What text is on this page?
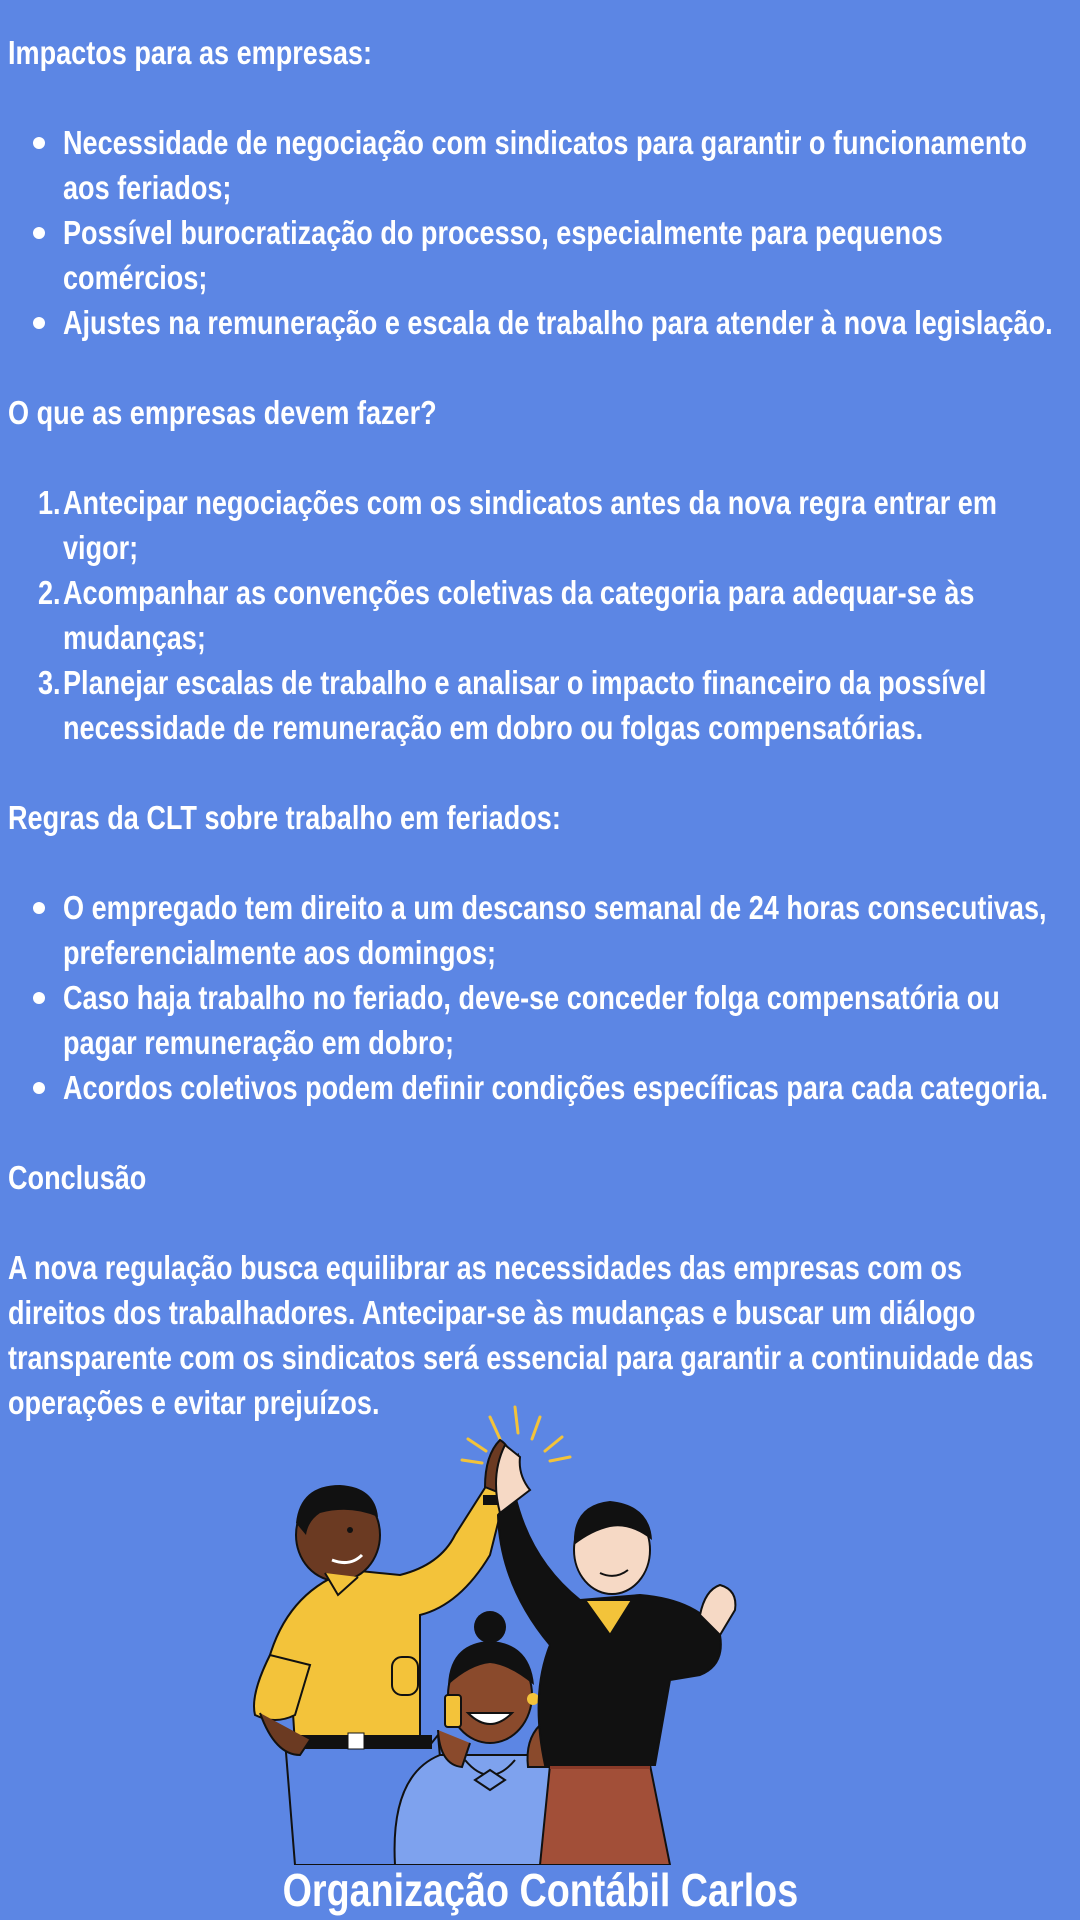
Impactos para as empresas:

Necessidade de negociação com sindicatos para garantir o funcionamento aos feriados;
Possível burocratização do processo, especialmente para pequenos comércios;
Ajustes na remuneração e escala de trabalho para atender à nova legislação.

O que as empresas devem fazer?

1. Antecipar negociações com os sindicatos antes da nova regra entrar em vigor;
2. Acompanhar as convenções coletivas da categoria para adequar-se às mudanças;
3. Planejar escalas de trabalho e analisar o impacto financeiro da possível necessidade de remuneração em dobro ou folgas compensatórias.

Regras da CLT sobre trabalho em feriados:

O empregado tem direito a um descanso semanal de 24 horas consecutivas, preferencialmente aos domingos;
Caso haja trabalho no feriado, deve-se conceder folga compensatória ou pagar remuneração em dobro;
Acordos coletivos podem definir condições específicas para cada categoria.

Conclusão

A nova regulação busca equilibrar as necessidades das empresas com os direitos dos trabalhadores. Antecipar-se às mudanças e buscar um diálogo transparente com os sindicatos será essencial para garantir a continuidade das operações e evitar prejuízos.

Organização Contábil Carlos
